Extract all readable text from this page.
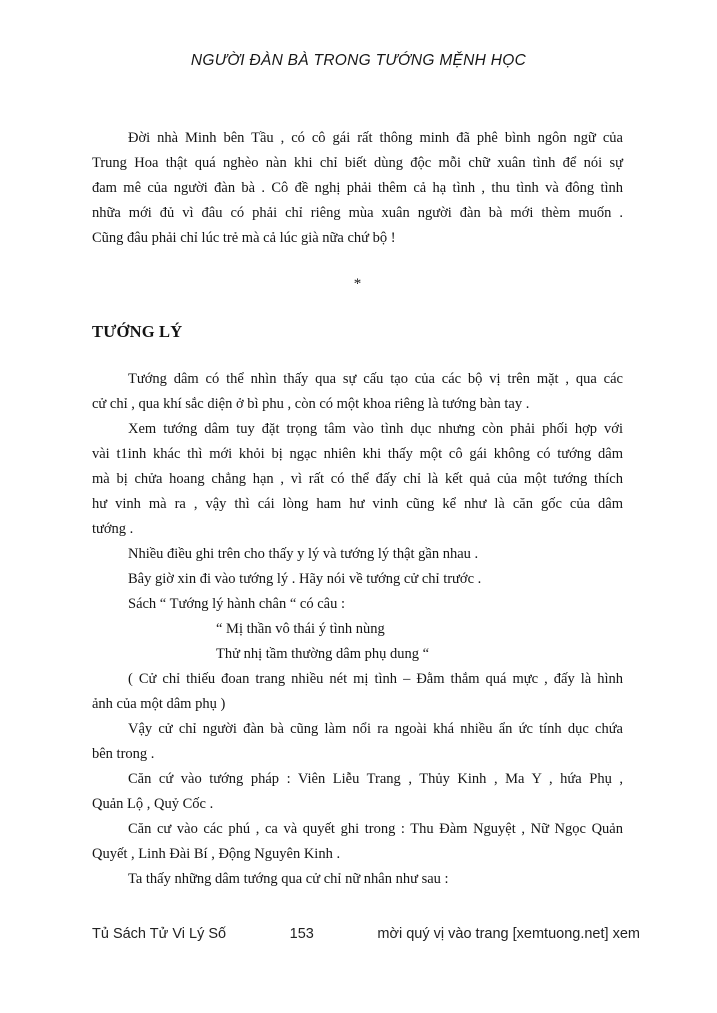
NGƯỜI ĐÀN BÀ TRONG TƯỚNG MỆNH HỌC
Đời nhà Minh bên Tầu , có cô gái rất thông minh đã phê bình ngôn ngữ của
Trung Hoa thật quá nghèo nàn khi chỉ biết dùng độc mỗi chữ xuân tình để nói sự
đam mê của người đàn bà . Cô đề nghị phải thêm cả hạ tình , thu tình và đông tình
nhữa mới đủ vì đâu có phải chỉ riêng mùa xuân người đàn bà mới thèm muốn .
Cũng đâu phải chỉ lúc trẻ mà cả lúc già nữa chứ bộ !
*
TƯỚNG LÝ
Tướng dâm có thể nhìn thấy qua sự cấu tạo của các bộ vị trên mặt , qua các
cử chỉ , qua khí sắc diện ở bì phu , còn có một khoa riêng là tướng bàn tay .
Xem tướng dâm tuy đặt trọng tâm vào tình dục nhưng còn phải phối hợp với
vài t1inh khác thì mới khỏi bị ngạc nhiên khi thấy một cô gái không có tướng dâm
mà bị chửa hoang chẳng hạn , vì rất có thể đấy chỉ là kết quả của một tướng thích
hư vinh mà ra , vậy thì cái lòng ham hư vinh cũng kể như là căn gốc của dâm
tướng .
Nhiều điều ghi trên cho thấy y lý và tướng lý thật gần nhau .
Bây giờ xin đi vào tướng lý . Hãy nói về tướng cử chỉ trước .
Sách “ Tướng lý hành chân “ có câu :
“ Mị thần vô thái ý tình nùng
Thử nhị tầm thường dâm phụ dung “
( Cử chỉ thiếu đoan trang nhiều nét mị tình – Đằm thắm quá mực , đấy là hình
ảnh của một dâm phụ )
Vậy cử chỉ người đàn bà cũng làm nổi ra ngoài khá nhiều ẩn ức tính dục chứa
bên trong .
Căn cứ vào tướng pháp : Viên Liễu Trang , Thủy Kinh , Ma Y , hứa Phụ ,
Quản Lộ , Quỷ Cốc .
Căn cư vào các phú , ca và quyết ghi trong : Thu Đàm Nguyệt , Nữ Ngọc Quản
Quyết , Linh Đài Bí , Động Nguyên Kinh .
Ta thấy những dâm tướng qua cử chỉ nữ nhân như sau :
Tủ Sách Tử Vi Lý Số	153	mời quý vị vào trang [xemtuong.net] xem
